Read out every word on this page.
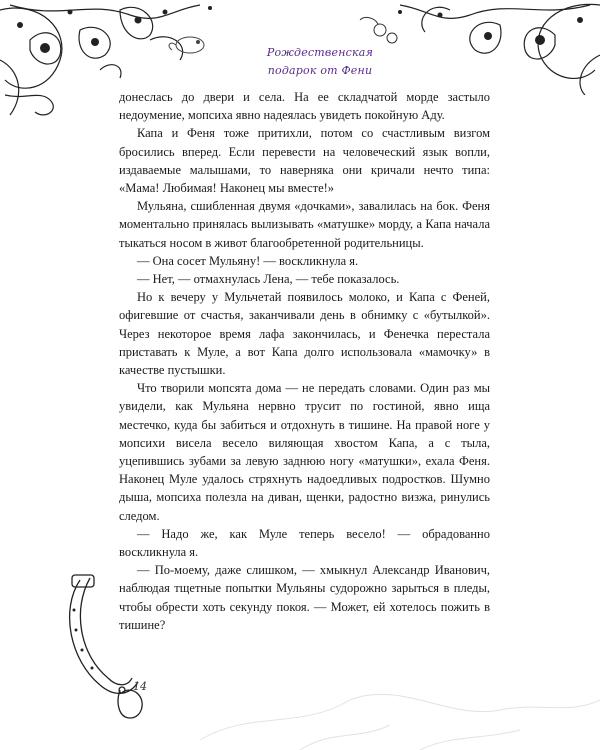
Рождественская
подарок от Фени

донеслась до двери и села. На ее складчатой морде застыло недоумение, мопсиха явно надеялась увидеть покойную Аду.

Капа и Феня тоже притихли, потом со счастливым визгом бросились вперед. Если перевести на человеческий язык вопли, издаваемые малышами, то наверняка они кричали нечто типа: «Мама! Любимая! Наконец мы вместе!»

Мульяна, сшибленная двумя «дочками», завалилась на бок. Феня моментально принялась вылизывать «матушке» морду, а Капа начала тыкаться носом в живот благообретенной родительницы.

— Она сосет Мульяну! — воскликнула я.

— Нет, — отмахнулась Лена, — тебе показалось.

Но к вечеру у Мульчетай появилось молоко, и Капа с Феней, офигевшие от счастья, заканчивали день в обнимку с «бутылкой». Через некоторое время лафа закончилась, и Фенечка перестала приставать к Муле, а вот Капа долго использовала «мамочку» в качестве пустышки.

Что творили мопсята дома — не передать словами. Один раз мы увидели, как Мульяна нервно трусит по гостиной, явно ища местечко, куда бы забиться и отдохнуть в тишине. На правой ноге у мопсихи висела весело виляющая хвостом Капа, а с тыла, уцепившись зубами за левую заднюю ногу «матушки», ехала Феня. Наконец Муле удалось стряхнуть надоедливых подростков. Шумно дыша, мопсиха полезла на диван, щенки, радостно визжа, ринулись следом.

— Надо же, как Муле теперь весело! — обрадованно воскликнула я.

— По-моему, даже слишком, — хмыкнул Александр Иванович, наблюдая тщетные попытки Мульяны судорожно зарыться в пледы, чтобы обрести хоть секунду покоя. — Может, ей хотелось пожить в тишине?

14
